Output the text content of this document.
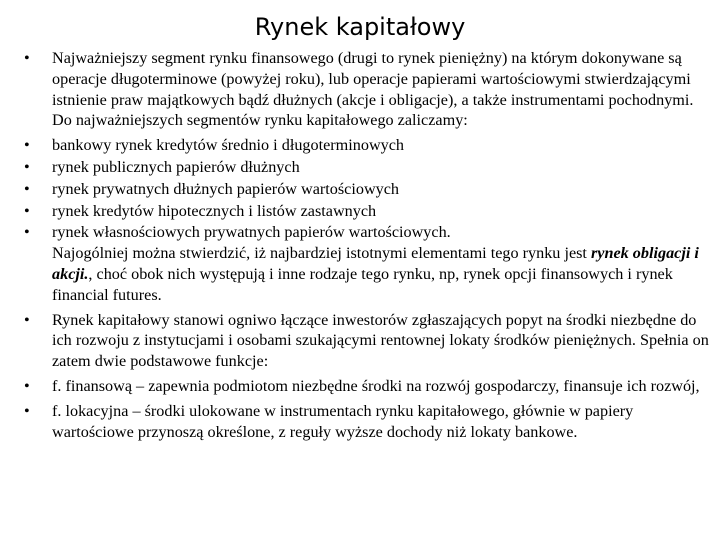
Rynek kapitałowy
•	Najważniejszy segment rynku finansowego (drugi to rynek pieniężny) na którym dokonywane są operacje długoterminowe (powyżej roku), lub operacje papierami wartościowymi stwierdzającymi istnienie praw majątkowych bądź dłużnych (akcje i obligacje), a także instrumentami pochodnymi. Do najważniejszych segmentów rynku kapitałowego zaliczamy:
•	bankowy rynek kredytów średnio i długoterminowych
•	rynek publicznych papierów dłużnych
•	rynek prywatnych dłużnych papierów wartościowych
•	rynek kredytów hipotecznych i listów zastawnych
•	rynek własnościowych prywatnych papierów wartościowych.
Najogólniej można stwierdzić, iż najbardziej istotnymi elementami tego rynku jest rynek obligacji i akcji., choć obok nich występują i inne rodzaje tego rynku, np, rynek opcji finansowych i rynek financial futures.
•	Rynek kapitałowy stanowi ogniwo łączące inwestorów zgłaszających popyt na środki niezbędne do ich rozwoju z instytucjami i osobami szukającymi rentownej lokaty środków pieniężnych. Spełnia on zatem dwie podstawowe funkcje:
•	f. finansową – zapewnia podmiotom niezbędne środki na rozwój gospodarczy, finansuje ich rozwój,
•	f. lokacyjna – środki ulokowane w instrumentach rynku kapitałowego, głównie w papiery wartościowe przynoszą określone, z reguły wyższe dochody niż lokaty bankowe.
